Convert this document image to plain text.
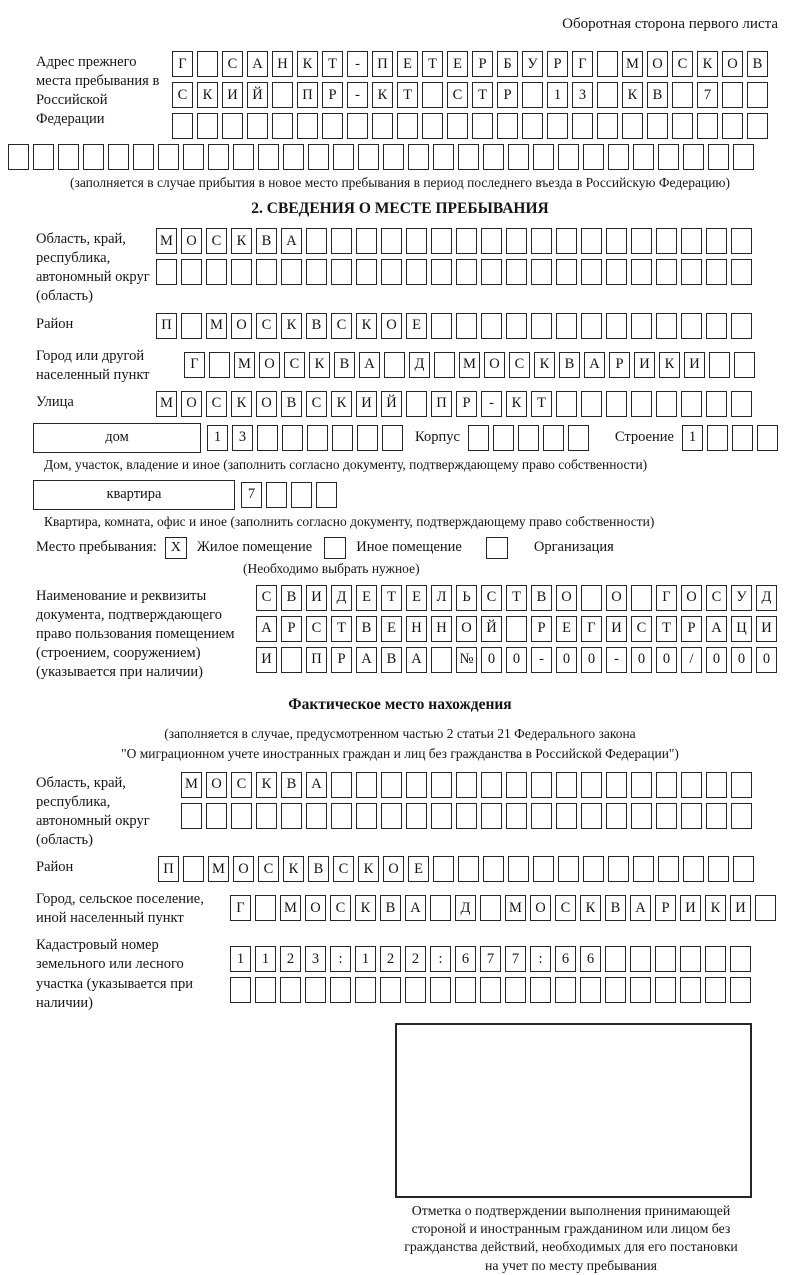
Оборотная сторона первого листа
Адрес прежнего места пребывания в Российской Федерации
Г	С	А	Н	К	Т	-	П	Е	Т	Е	Р	Б	У	Р	Г	М О	С	К	О	В
С	К	И	Й	П	Р	-	К	Т	С	Т	Р	1	3	К	В	7
(заполняется в случае прибытия в новое место пребывания в период последнего въезда в Российскую Федерацию)
2. СВЕДЕНИЯ О МЕСТЕ ПРЕБЫВАНИЯ
Область, край, республика, автономный округ (область)
М О	С	К	В	А
Район	П	М О	С	К	В	С	К	О	Е
Город или другой населенный пункт
Г	М О	С	К	В	А	Д	М О	С	К	В	А	Р	И	К	И
Улица	М О	С	К	О	В	С	К	И	Й	П	Р	-	К	Т
дом	1	3	Корпус	Строение	1
Дом, участок, владение и иное (заполнить согласно документу, подтверждающему право собственности)
квартира	7
Квартира, комната, офис и иное (заполнить согласно документу, подтверждающему право собственности)
Место пребывания: X Жилое помещение	Иное помещение	Организация
(Необходимо выбрать нужное)
Наименование и реквизиты документа, подтверждающего право пользования помещением (строением, сооружением) (указывается при наличии)
С	В	И	Д	Е	Т	Е	Л	Ь	С	Т	В	О	О	Г	О	С	У	Д
А	Р	С	Т	В	Е	Н	Н	О	Й	Р	Е	Г	И	С	Т	Р	А	Ц	И
И	П	Р	А	В	А	№ 0	0	-	0	0	-	0	0	/	0	0	0
Фактическое место нахождения
(заполняется в случае, предусмотренном частью 2 статьи 21 Федерального закона
"О миграционном учете иностранных граждан и лиц без гражданства в Российской Федерации")
Область, край, республика, автономный округ (область)
М О	С	К	В	А
Район	П	М О	С	К	В	С	К	О	Е
Город, сельское поселение, иной населенный пункт
Г	М О	С	К	В	А	Д	М О	С	К	В	А	Р	И	К	И
Кадастровый номер земельного или лесного участка (указывается при наличии)
1	1	2	3	:	1	2	2	:	6	7	7	:	6	6
Отметка о подтверждении выполнения принимающей
стороной и иностранным гражданином или лицом без
гражданства действий, необходимых для его постановки
на учет по месту пребывания
